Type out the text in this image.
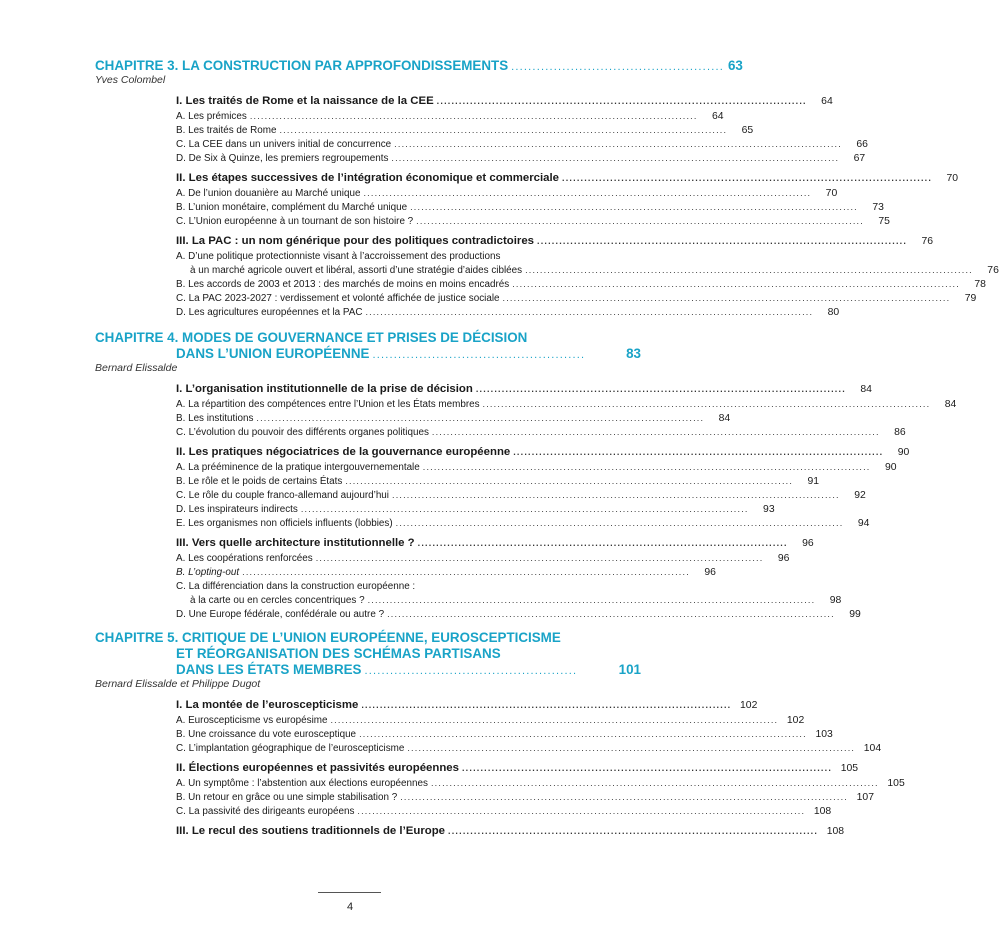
CHAPITRE 3. LA CONSTRUCTION PAR APPROFONDISSEMENTS .................................................. 63
Yves Colombel
I. Les traités de Rome et la naissance de la CEE ....................................................................................................	64
A. Les prémices .........................................................................................................................	64
B. Les traités de Rome .........................................................................................................................	65
C. La CEE dans un univers initial de concurrence .........................................................................................................................	66
D. De Six à Quinze, les premiers regroupements .........................................................................................................................	67
II. Les étapes successives de l’intégration économique et commerciale ....................................................................................................	70
A. De l’union douanière au Marché unique .........................................................................................................................	70
B. L’union monétaire, complément du Marché unique .........................................................................................................................	73
C. L’Union européenne à un tournant de son histoire ? .........................................................................................................................	75
III. La PAC : un nom générique pour des politiques contradictoires ....................................................................................................	76
A. D’une politique protectionniste visant à l’accroissement des productions
à un marché agricole ouvert et libéral, assorti d’une stratégie d’aides ciblées .........................................................................................................................	76
B. Les accords de 2003 et 2013 : des marchés de moins en moins encadrés .........................................................................................................................	78
C. La PAC 2023-2027 : verdissement et volonté affichée de justice sociale .........................................................................................................................	79
D. Les agricultures européennes et la PAC .........................................................................................................................	80
CHAPITRE 4. MODES DE GOUVERNANCE ET PRISES DE DÉCISION
DANS L’UNION EUROPÉENNE ..................................................	83
Bernard Elissalde
I. L’organisation institutionnelle de la prise de décision ....................................................................................................	84
A. La répartition des compétences entre l’Union et les États membres .........................................................................................................................	84
B. Les institutions .........................................................................................................................	84
C. L’évolution du pouvoir des différents organes politiques .........................................................................................................................	86
II. Les pratiques négociatrices de la gouvernance européenne ....................................................................................................	90
A. La prééminence de la pratique intergouvernementale .........................................................................................................................	90
B. Le rôle et le poids de certains États .........................................................................................................................	91
C. Le rôle du couple franco-allemand aujourd’hui .........................................................................................................................	92
D. Les inspirateurs indirects .........................................................................................................................	93
E. Les organismes non officiels influents (lobbies) .........................................................................................................................	94
III. Vers quelle architecture institutionnelle ? ....................................................................................................	96
A. Les coopérations renforcées .........................................................................................................................	96
B. L’opting-out .........................................................................................................................	96
C. La différenciation dans la construction européenne :
à la carte ou en cercles concentriques ? .........................................................................................................................	98
D. Une Europe fédérale, confédérale ou autre ? .........................................................................................................................	99
CHAPITRE 5. CRITIQUE DE L’UNION EUROPÉENNE, EUROSCEPTICISME
ET RÉORGANISATION DES SCHÉMAS PARTISANS
DANS LES ÉTATS MEMBRES ..................................................	101
Bernard Elissalde et Philippe Dugot
I. La montée de l’euroscepticisme .................................................................................................... 102
A. Euroscepticisme vs europésime ......................................................................................................................... 102
B. Une croissance du vote eurosceptique ......................................................................................................................... 103
C. L’implantation géographique de l’euroscepticisme ......................................................................................................................... 104
II. Élections européennes et passivités européennes .................................................................................................... 105
A. Un symptôme : l’abstention aux élections européennes ......................................................................................................................... 105
B. Un retour en grâce ou une simple stabilisation ? ......................................................................................................................... 107
C. La passivité des dirigeants européens ......................................................................................................................... 108
III. Le recul des soutiens traditionnels de l’Europe .................................................................................................... 108
4
